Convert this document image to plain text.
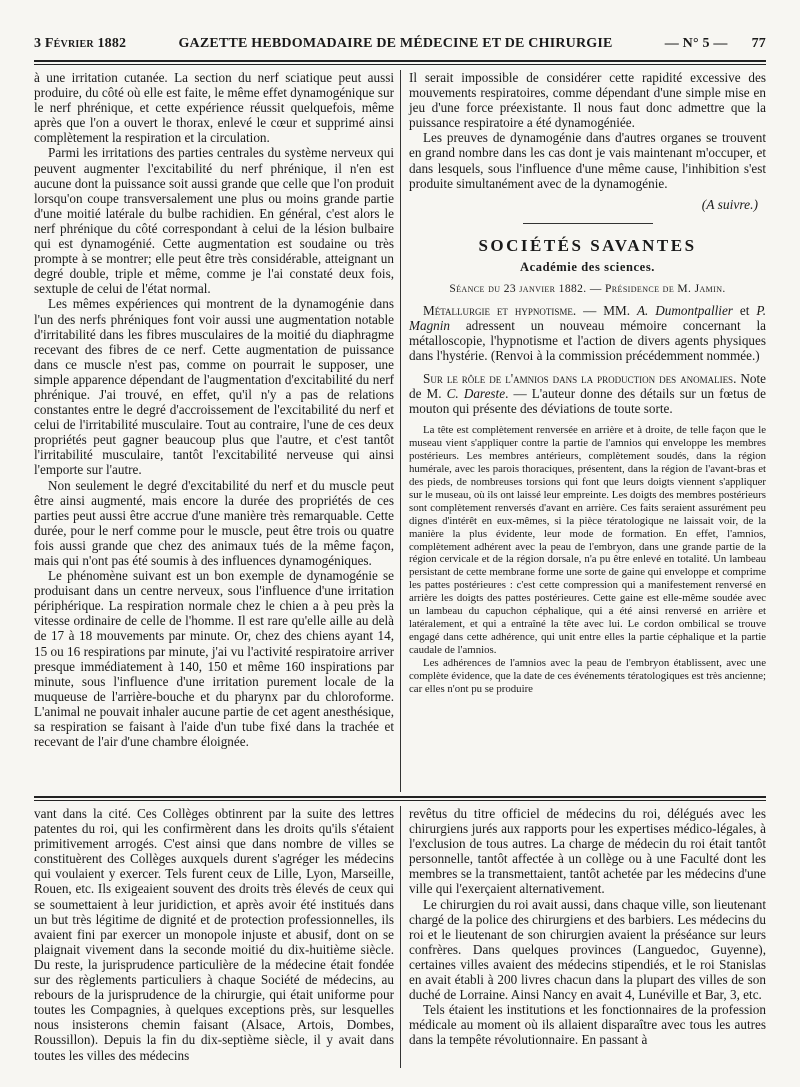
3 Février 1882	GAZETTE HEBDOMADAIRE DE MÉDECINE ET DE CHIRURGIE	— N° 5 — 77

à une irritation cutanée. La section du nerf sciatique peut aussi produire, du côté où elle est faite, le même effet dynamogénique sur le nerf phrénique, et cette expérience réussit quelquefois, même après que l'on a ouvert le thorax, enlevé le cœur et supprimé ainsi complètement la respiration et la circulation.

Parmi les irritations des parties centrales du système nerveux qui peuvent augmenter l'excitabilité du nerf phrénique, il n'en est aucune dont la puissance soit aussi grande que celle que l'on produit lorsqu'on coupe transversalement une plus ou moins grande partie d'une moitié latérale du bulbe rachidien. En général, c'est alors le nerf phrénique du côté correspondant à celui de la lésion bulbaire qui est dynamogénié. Cette augmentation est soudaine ou très prompte à se montrer; elle peut être très considérable, atteignant un degré double, triple et même, comme je l'ai constaté deux fois, sextuple de celui de l'état normal.

Les mêmes expériences qui montrent de la dynamogénie dans l'un des nerfs phréniques font voir aussi une augmentation notable d'irritabilité dans les fibres musculaires de la moitié du diaphragme recevant des fibres de ce nerf. Cette augmentation de puissance dans ce muscle n'est pas, comme on pourrait le supposer, une simple apparence dépendant de l'augmentation d'excitabilité du nerf phrénique. J'ai trouvé, en effet, qu'il n'y a pas de relations constantes entre le degré d'accroissement de l'excitabilité du nerf et celui de l'irritabilité musculaire. Tout au contraire, l'une de ces deux propriétés peut gagner beaucoup plus que l'autre, et c'est tantôt l'irritabilité musculaire, tantôt l'excitabilité nerveuse qui ainsi l'emporte sur l'autre.

Non seulement le degré d'excitabilité du nerf et du muscle peut être ainsi augmenté, mais encore la durée des propriétés de ces parties peut aussi être accrue d'une manière très remarquable. Cette durée, pour le nerf comme pour le muscle, peut être trois ou quatre fois aussi grande que chez des animaux tués de la même façon, mais qui n'ont pas été soumis à des influences dynamogéniques.

Le phénomène suivant est un bon exemple de dynamogénie se produisant dans un centre nerveux, sous l'influence d'une irritation périphérique. La respiration normale chez le chien a à peu près la vitesse ordinaire de celle de l'homme. Il est rare qu'elle aille au delà de 17 à 18 mouvements par minute. Or, chez des chiens ayant 14, 15 ou 16 respirations par minute, j'ai vu l'activité respiratoire arriver presque immédiatement à 140, 150 et même 160 inspirations par minute, sous l'influence d'une irritation purement locale de la muqueuse de l'arrière-bouche et du pharynx par du chloroforme. L'animal ne pouvait inhaler aucune partie de cet agent anesthésique, sa respiration se faisant à l'aide d'un tube fixé dans la trachée et recevant de l'air d'une chambre éloignée.

Il serait impossible de considérer cette rapidité excessive des mouvements respiratoires, comme dépendant d'une simple mise en jeu d'une force préexistante. Il nous faut donc admettre que la puissance respiratoire a été dynamogéniée.

Les preuves de dynamogénie dans d'autres organes se trouvent en grand nombre dans les cas dont je vais maintenant m'occuper, et dans lesquels, sous l'influence d'une même cause, l'inhibition s'est produite simultanément avec de la dynamogénie.

(A suivre.)
SOCIÉTÉS SAVANTES
Académie des sciences.
Séance du 23 janvier 1882. — Présidence de M. Jamin.

Métallurgie et hypnotisme. — MM. A. Dumontpallier et P. Magnin adressent un nouveau mémoire concernant la métalloscopie, l'hypnotisme et l'action de divers agents physiques dans l'hystérie. (Renvoi à la commission précédemment nommée.)

Sur le rôle de l'amnios dans la production des anomalies. Note de M. C. Dareste. — L'auteur donne des détails sur un fœtus de mouton qui présente des déviations de toute sorte.

La tête est complètement renversée en arrière et à droite, de telle façon que le museau vient s'appliquer contre la partie de l'amnios qui enveloppe les membres postérieurs. Les membres antérieurs, complètement soudés, dans la région humérale, avec les parois thoraciques, présentent, dans la région de l'avant-bras et des pieds, de nombreuses torsions qui font que leurs doigts viennent s'appliquer sur le museau, où ils ont laissé leur empreinte. Les doigts des membres postérieurs sont complètement renversés d'avant en arrière. Ces faits seraient assurément peu dignes d'intérêt en eux-mêmes, si la pièce tératologique ne laissait voir, de la manière la plus évidente, leur mode de formation. En effet, l'amnios, complètement adhérent avec la peau de l'embryon, dans une grande partie de la région cervicale et de la région dorsale, n'a pu être enlevé en totalité. Un lambeau persistant de cette membrane forme une sorte de gaine qui enveloppe et comprime les pattes postérieures : c'est cette compression qui a manifestement renversé en arrière les doigts des pattes postérieures. Cette gaine est elle-même soudée avec un lambeau du capuchon céphalique, qui a été ainsi renversé en arrière et latéralement, et qui a entraîné la tête avec lui. Le cordon ombilical se trouve engagé dans cette adhérence, qui unit entre elles la partie céphalique et la partie caudale de l'amnios.

Les adhérences de l'amnios avec la peau de l'embryon établissent, avec une complète évidence, que la date de ces événements tératologiques est très ancienne; car elles n'ont pu se produire

vant dans la cité. Ces Collèges obtinrent par la suite des lettres patentes du roi, qui les confirmèrent dans les droits qu'ils s'étaient primitivement arrogés. C'est ainsi que dans nombre de villes se constituèrent des Collèges auxquels durent s'agréger les médecins qui voulaient y exercer. Tels furent ceux de Lille, Lyon, Marseille, Rouen, etc. Ils exigeaient souvent des droits très élevés de ceux qui se soumettaient à leur juridiction, et après avoir été institués dans un but très légitime de dignité et de protection professionnelles, ils avaient fini par exercer un monopole injuste et abusif, dont on se plaignait vivement dans la seconde moitié du dix-huitième siècle. Du reste, la jurisprudence particulière de la médecine était fondée sur des règlements particuliers à chaque Société de médecins, au rebours de la jurisprudence de la chirurgie, qui était uniforme pour toutes les Compagnies, à quelques exceptions près, sur lesquelles nous insisterons chemin faisant (Alsace, Artois, Dombes, Roussillon). Depuis la fin du dix-septième siècle, il y avait dans toutes les villes des médecins

revêtus du titre officiel de médecins du roi, délégués avec les chirurgiens jurés aux rapports pour les expertises médico-légales, à l'exclusion de tous autres. La charge de médecin du roi était tantôt personnelle, tantôt affectée à un collège ou à une Faculté dont les membres se la transmettaient, tantôt achetée par les médecins d'une ville qui l'exerçaient alternativement.

Le chirurgien du roi avait aussi, dans chaque ville, son lieutenant chargé de la police des chirurgiens et des barbiers. Les médecins du roi et le lieutenant de son chirurgien avaient la préséance sur leurs confrères. Dans quelques provinces (Languedoc, Guyenne), certaines villes avaient des médecins stipendiés, et le roi Stanislas en avait établi à 200 livres chacun dans la plupart des villes de son duché de Lorraine. Ainsi Nancy en avait 4, Lunéville et Bar, 3, etc.

Tels étaient les institutions et les fonctionnaires de la profession médicale au moment où ils allaient disparaître avec tous les autres dans la tempête révolutionnaire. En passant à
